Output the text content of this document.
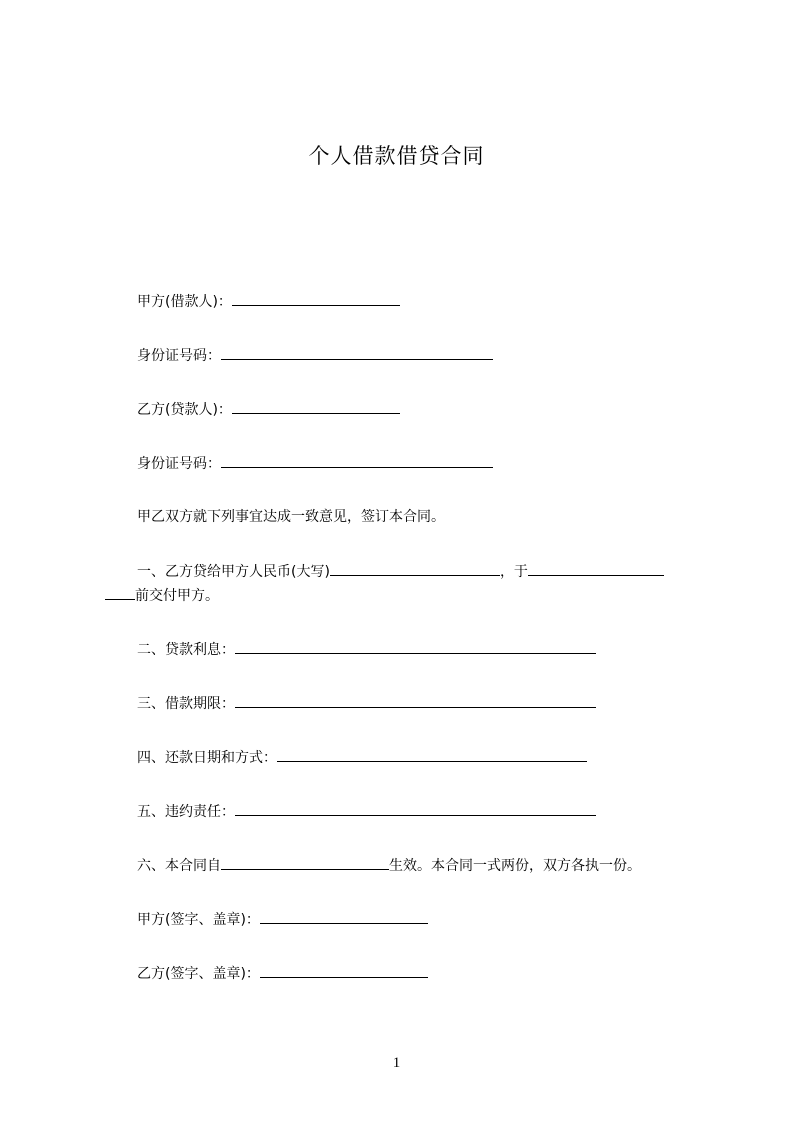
个人借款借贷合同
甲方(借款人)：
身份证号码：
乙方(贷款人)：
身份证号码：
甲乙双方就下列事宜达成一致意见，签订本合同。
一、乙方贷给甲方人民币(大写)	，于
前交付甲方。
二、贷款利息：
三、借款期限：
四、还款日期和方式：
五、违约责任：
六、本合同自	生效。本合同一式两份，双方各执一份。
甲方(签字、盖章)：
乙方(签字、盖章)：
1
